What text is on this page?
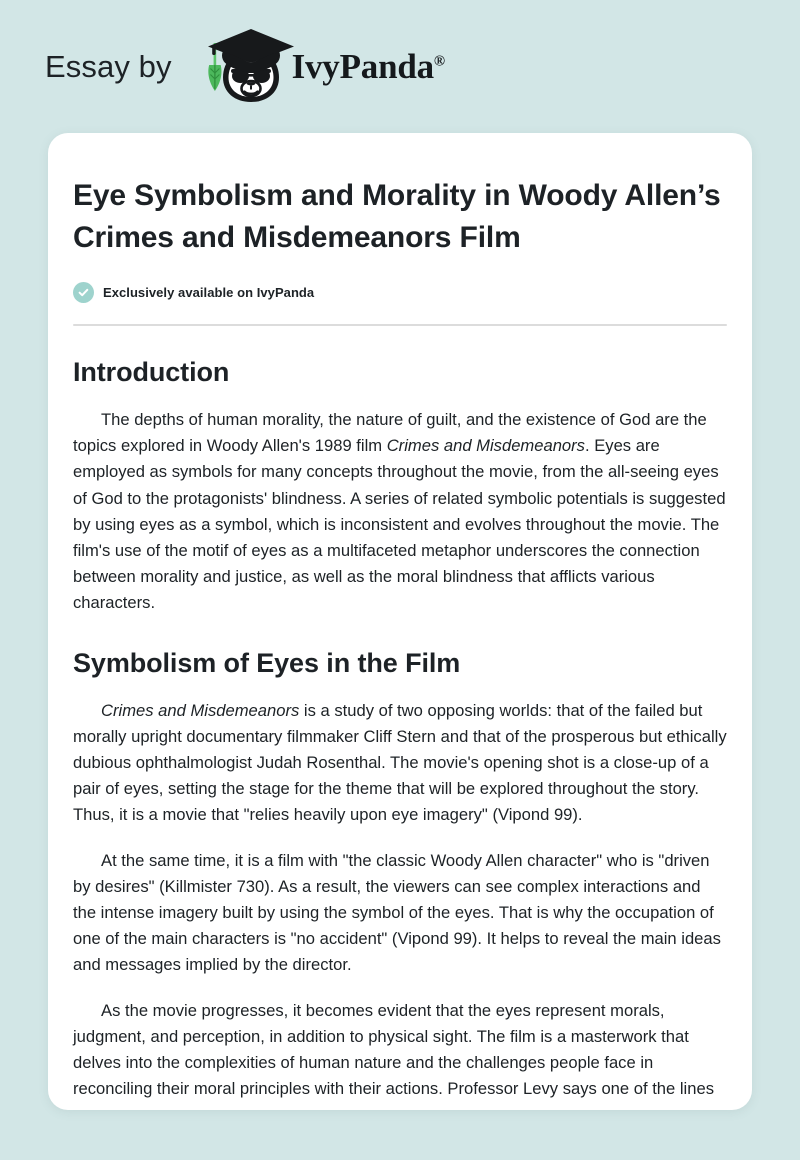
Essay by	IvyPanda®
Eye Symbolism and Morality in Woody Allen’s Crimes and Misdemeanors Film
Exclusively available on IvyPanda
Introduction

The depths of human morality, the nature of guilt, and the existence of God are the topics explored in Woody Allen's 1989 film Crimes and Misdemeanors. Eyes are employed as symbols for many concepts throughout the movie, from the all-seeing eyes of God to the protagonists' blindness. A series of related symbolic potentials is suggested by using eyes as a symbol, which is inconsistent and evolves throughout the movie. The film's use of the motif of eyes as a multifaceted metaphor underscores the connection between morality and justice, as well as the moral blindness that afflicts various characters.

Symbolism of Eyes in the Film

Crimes and Misdemeanors is a study of two opposing worlds: that of the failed but morally upright documentary filmmaker Cliff Stern and that of the prosperous but ethically dubious ophthalmologist Judah Rosenthal. The movie's opening shot is a close-up of a pair of eyes, setting the stage for the theme that will be explored throughout the story. Thus, it is a movie that "relies heavily upon eye imagery" (Vipond 99).

At the same time, it is a film with "the classic Woody Allen character" who is "driven by desires" (Killmister 730). As a result, the viewers can see complex interactions and the intense imagery built by using the symbol of the eyes. That is why the occupation of one of the main characters is "no accident" (Vipond 99). It helps to reveal the main ideas and messages implied by the director.

As the movie progresses, it becomes evident that the eyes represent morals, judgment, and perception, in addition to physical sight. The film is a masterwork that delves into the complexities of human nature and the challenges people face in reconciling their moral principles with their actions. Professor Levy says one of the lines
